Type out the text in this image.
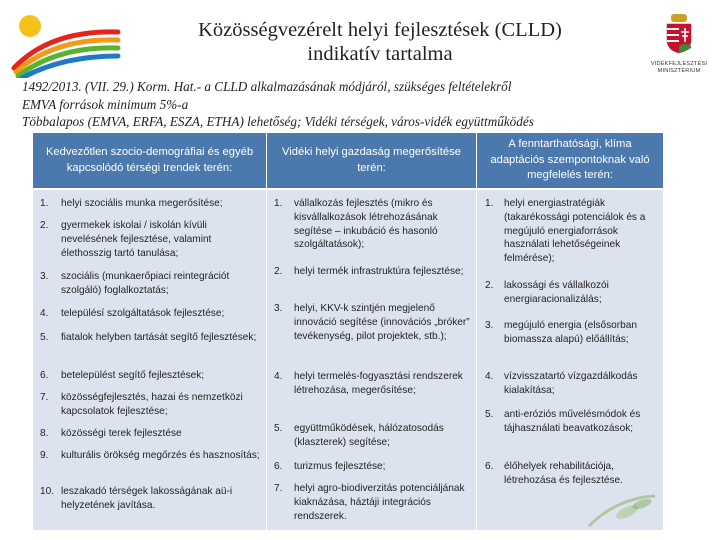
VIDÉKFEJLESZTÉSI
MINISZTÉRIUM
Közösségvezérelt helyi fejlesztések (CLLD)
indikatív tartalma
1492/2013. (VII. 29.) Korm. Hat.- a CLLD alkalmazásának módjáról, szükséges feltételekről
EMVA források minimum 5%-a
Többalapos (EMVA, ERFA, ESZA, ETHA) lehetőség; Vidéki térségek, város-vidék együttműködés
Kedvezőtlen szocio-demográfiai és egyéb kapcsolódó térségi trendek terén:
1.	helyi szociális munka megerősítése;
2.	gyermekek iskolai / iskolán kívüli nevelésének fejlesztése, valamint élethosszig tartó tanulása;
3.	szociális (munkaerőpiaci reintegrációt szolgáló) foglalkoztatás;
4.	településí szolgáltatások fejlesztése;
5.	fiatalok helyben tartását segítő fejlesztések;
6.	betelepülést segítő fejlesztések;
7.	közösségfejlesztés, hazai és nemzetközi kapcsolatok fejlesztése;
8.	közösségi terek fejlesztése
9.	kulturális örökség megőrzés és hasznosítás;
10. leszakadó térségek lakosságának aü-i helyzetének javítása.
Vidéki helyi gazdaság megerősítése terén:
1.	vállalkozás fejlesztés (mikro és kisvállalkozások létrehozásának segítése – inkubáció és hasonló szolgáltatások);
2.	helyi termék infrastruktúra fejlesztése;
3.	helyi, KKV-k szintjén megjelenő innováció segítése (innovációs „bróker” tevékenység, pilot projektek, stb.);
4.	helyi termelés-fogyasztási rendszerek létrehozása, megerősítése;
5.	együttműködések, hálózatosodás (klaszterek) segítése;
6.	turizmus fejlesztése;
7.	helyi agro-biodiverzitás potenciáljának kiaknázása, háztáji integrációs rendszerek.
A fenntarthatósági, klíma adaptációs szempontoknak való megfelelés terén:
1.	helyi energiastratégiák (takarékossági potenciálok és a megújuló energiaforrások használati lehetőségeinek felmérése);
2.	lakossági és vállalkozói energiaracionalizálás;
3.	megújuló energia (elsősorban biomassza alapú) előállítás;
4.	vízvisszatartó vízgazdálkodás kialakítása;
5.	anti-eróziós művelésmódok és tájhasználati beavatkozások;
6.	élőhelyek rehabilitációja, létrehozása és fejlesztése.
